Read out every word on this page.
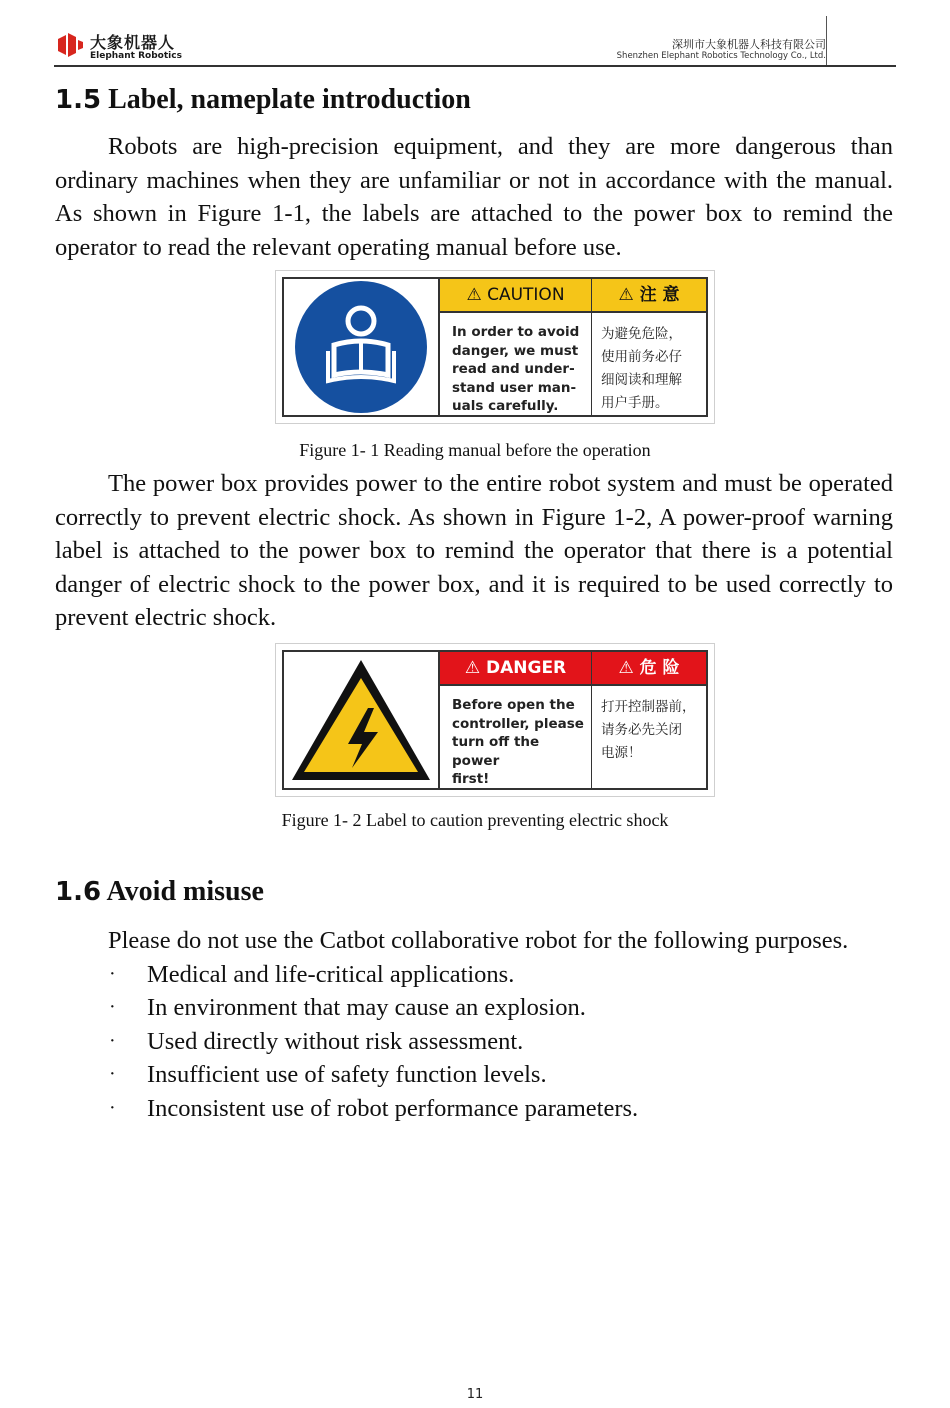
大象机器人
Elephant Robotics
深圳市大象机器人科技有限公司
Shenzhen Elephant Robotics Technology Co., Ltd.
1.5 Label, nameplate introduction

Robots are high-precision equipment, and they are more dangerous than ordinary machines when they are unfamiliar or not in accordance with the manual. As shown in Figure 1-1, the labels are attached to the power box to remind the operator to read the relevant operating manual before use.

⚠ CAUTION
In order to avoid
danger, we must
read and under-
stand user man-
uals carefully.
⚠ 注 意
为避免危险，
使用前务必仔
细阅读和理解
用户手册。
Figure 1- 1 Reading manual before the operation

The power box provides power to the entire robot system and must be operated correctly to prevent electric shock. As shown in Figure 1-2, A power-proof warning label is attached to the power box to remind the operator that there is a potential danger of electric shock to the power box, and it is required to be used correctly to prevent electric shock.

⚠ DANGER
Before open the
controller, please
turn off the power
first!
⚠ 危 险
打开控制器前，
请务必先关闭
电源！
Figure 1- 2 Label to caution preventing electric shock
1.6 Avoid misuse
Please do not use the Catbot collaborative robot for the following purposes.
· Medical and life-critical applications.
· In environment that may cause an explosion.
· Used directly without risk assessment.
· Insufficient use of safety function levels.
· Inconsistent use of robot performance parameters.
11
